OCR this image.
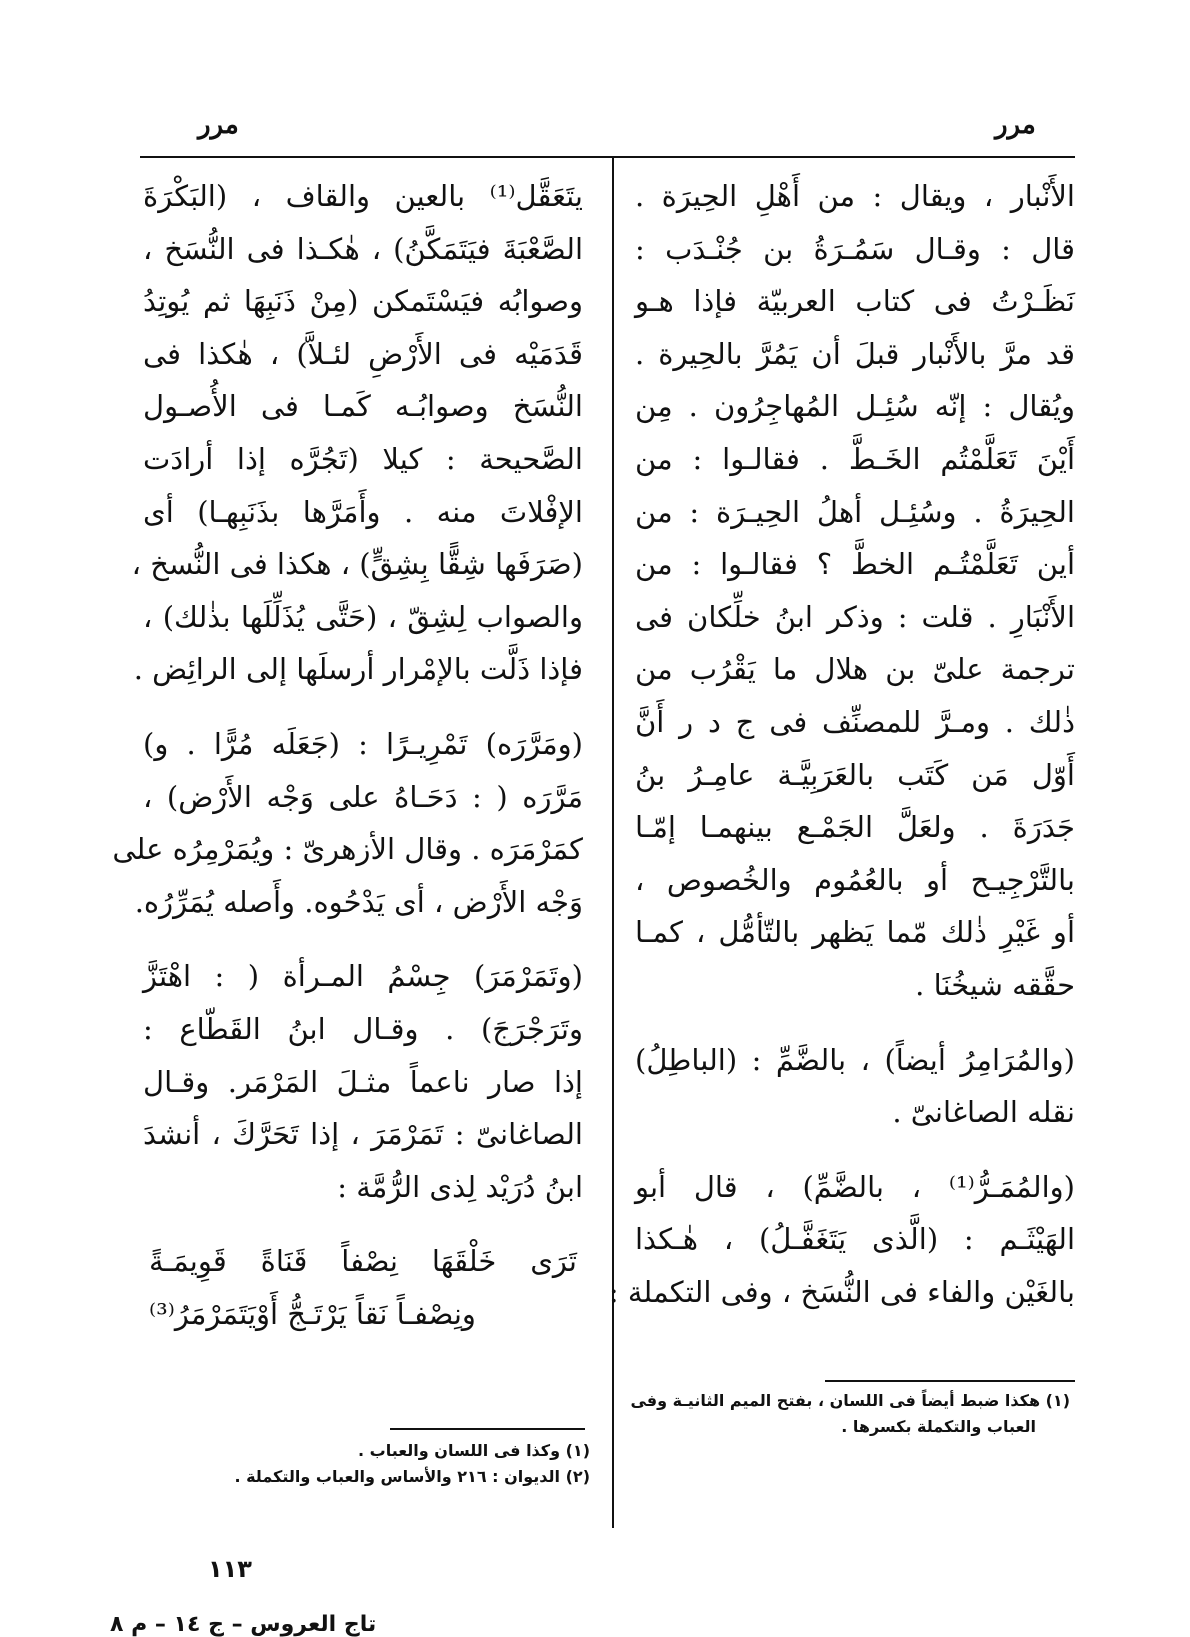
مرر
مرر
الأَنْبار ، ويقال : من أَهْلِ الحِيرَة .
قال : وقـال سَمُـرَةُ بن جُنْـدَب :
نَظَـرْتُ فى كتاب العربيّة فإذا هـو
قد مرَّ بالأَنْبار قبلَ أن يَمُرَّ بالحِيرة .
ويُقال : إنّه سُئِـل المُهاجِرُون . مِن
أَيْنَ تَعَلَّمْتُم الخَـطَّ . فقالـوا : من
الحِيرَةُ . وسُئِـل أهلُ الحِيـرَة : من
أين تَعَلَّمْتُـم الخطَّ ؟ فقالـوا : من
الأَنْبَارِ . قلت : وذكر ابنُ خلِّكان فى
ترجمة علىّ بن هلال ما يَقْرُب من
ذٰلك . ومـرَّ للمصنِّف فى ج د ر أَنَّ
أَوّل مَن كَتَب بالعَرَبِيَّـة عامِـرُ بنُ
جَدَرَةَ . ولعَلَّ الجَمْـع بينهمـا إمّـا
بالتَّرْجِيـح أو بالعُمُوم والخُصوص ،
أو غَيْرِ ذٰلك مّما يَظهر بالتّأمُّل ، كمـا
حقَّقه شيخُنَا .
(والمُرَامِرُ أيضاً) ، بالضَّمِّ : (الباطِلُ)
نقله الصاغانىّ .
(والمُمَـرُّ⁽¹⁾ ، بالضَّمِّ) ، قال أبو
الهَيْثَـم : (الَّذى يَتَغَفَّـلُ) ، هٰـكذا
بالغَيْن والفاء فى النُّسَخ ، وفى التكملة :
يتَعَقَّل⁽¹⁾ بالعين والقاف ، (البَكْرَةَ
الصَّعْبَةَ فيَتَمَكَّنُ) ، هٰكـذا فى النُّسَخ ،
وصوابُه فيَسْتَمكن (مِنْ ذَنَبِهَا ثم يُوتِدُ
قَدَمَيْه فى الأَرْضِ لئـلاَّ) ، هٰكذا فى
النُّسَخ وصوابُـه كَمـا فى الأُصـول
الصَّحيحة : كيلا (تَجُرَّه إذا أرادَت
الإفْلاتَ منه . وأَمَرَّها بذَنَبِهـا) أى
(صَرَفَها شِقًّا بِشِقٍّ) ، هكذا فى النُّسخ ،
والصواب لِشِقّ ، (حَتَّى يُذَلِّلَها بذٰلك) ،
فإذا ذَلَّت بالإمْرار أرسلَها إلى الرائِض .
(ومَرَّرَه) تَمْرِيـرًا : (جَعَلَه مُرًّا . و)
مَرَّرَه ( : دَحَـاهُ على وَجْه الأَرْض) ،
كمَرْمَرَه . وقال الأزهرىّ : ويُمَرْمِرُه على
وَجْه الأَرْض ، أى يَدْحُوه. وأَصله يُمَرِّرُه.
(وتَمَرْمَرَ) جِسْمُ المـرأة ( : اهْتَزَّ
وتَرَجْرَجَ) . وقـال ابنُ القَطّاع :
إذا صار ناعماً مثـلَ المَرْمَر. وقـال
الصاغانىّ : تَمَرْمَرَ ، إذا تَحَرَّكَ ، أنشدَ
ابنُ دُرَيْد لِذى الرُّمَّة :
تَرَى خَلْقَهَا نِصْفاً قَنَاةً قَوِيمَـةً
ونِصْفـاً نَقاً يَرْتَـجُّ أَوْيَتَمَرْمَرُ⁽³⁾
(١) هكذا ضبط أيضاً فى اللسان ، بفتح الميم الثانيـة وفى
العباب والتكملة بكسرها .
(١) وكذا فى اللسان والعباب .
(٢) الديوان : ٢١٦ والأساس والعباب والتكملة .
١١٣
تاج العروس – ج ١٤ – م ٨
